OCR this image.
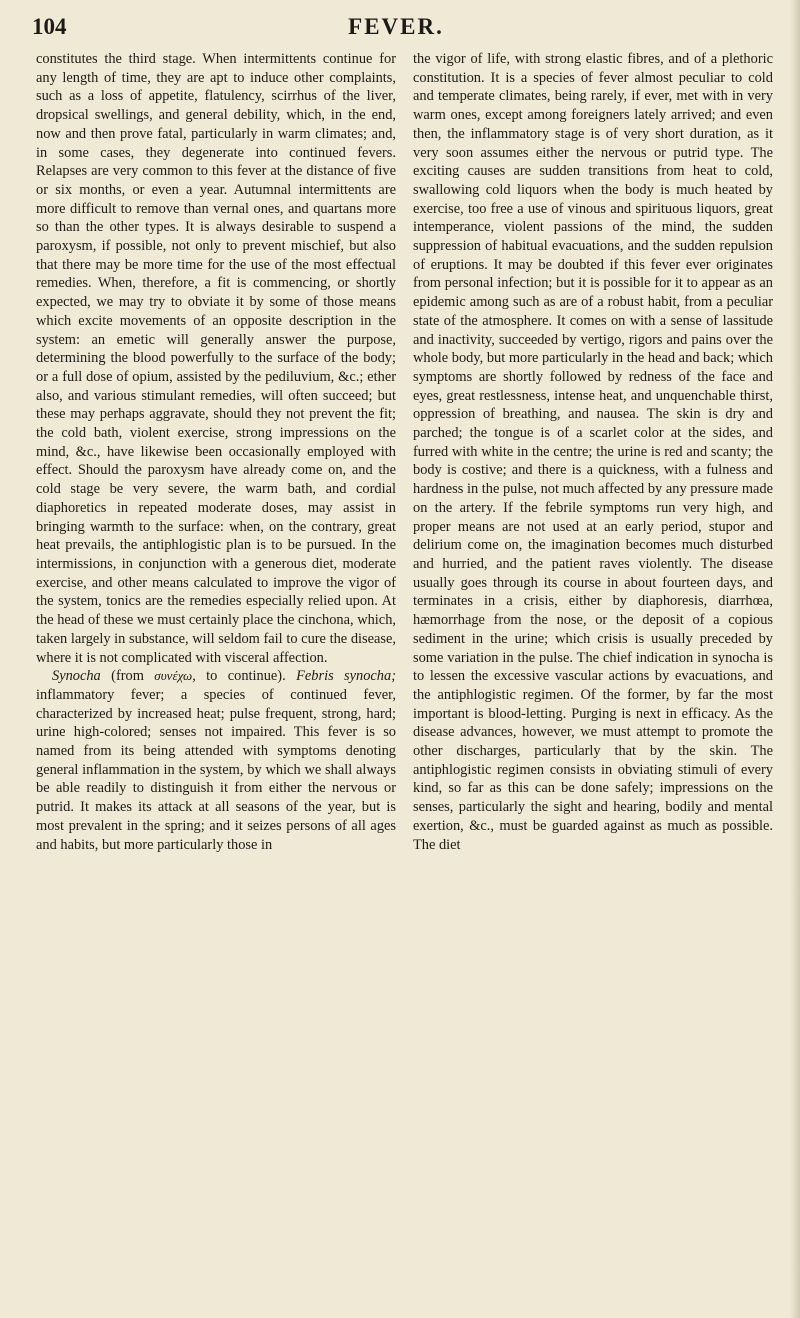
104	FEVER.

constitutes the third stage. When intermittents continue for any length of time, they are apt to induce other complaints, such as a loss of appetite, flatulency, scirrhus of the liver, dropsical swellings, and general debility, which, in the end, now and then prove fatal, particularly in warm climates; and, in some cases, they degenerate into continued fevers. Relapses are very common to this fever at the distance of five or six months, or even a year. Autumnal intermittents are more difficult to remove than vernal ones, and quartans more so than the other types. It is always desirable to suspend a paroxysm, if possible, not only to prevent mischief, but also that there may be more time for the use of the most effectual remedies. When, therefore, a fit is commencing, or shortly expected, we may try to obviate it by some of those means which excite movements of an opposite description in the system: an emetic will generally answer the purpose, determining the blood powerfully to the surface of the body; or a full dose of opium, assisted by the pediluvium, &c.; ether also, and various stimulant remedies, will often succeed; but these may perhaps aggravate, should they not prevent the fit; the cold bath, violent exercise, strong impressions on the mind, &c., have likewise been occasionally employed with effect. Should the paroxysm have already come on, and the cold stage be very severe, the warm bath, and cordial diaphoretics in repeated moderate doses, may assist in bringing warmth to the surface: when, on the contrary, great heat prevails, the antiphlogistic plan is to be pursued. In the intermissions, in conjunction with a generous diet, moderate exercise, and other means calculated to improve the vigor of the system, tonics are the remedies especially relied upon. At the head of these we must certainly place the cinchona, which, taken largely in substance, will seldom fail to cure the disease, where it is not complicated with visceral affection.

Synocha (from συνέχω, to continue). Febris synocha; inflammatory fever; a species of continued fever, characterized by increased heat; pulse frequent, strong, hard; urine high-colored; senses not impaired. This fever is so named from its being attended with symptoms denoting general inflammation in the system, by which we shall always be able readily to distinguish it from either the nervous or putrid. It makes its attack at all seasons of the year, but is most prevalent in the spring; and it seizes persons of all ages and habits, but more particularly those in

the vigor of life, with strong elastic fibres, and of a plethoric constitution. It is a species of fever almost peculiar to cold and temperate climates, being rarely, if ever, met with in very warm ones, except among foreigners lately arrived; and even then, the inflammatory stage is of very short duration, as it very soon assumes either the nervous or putrid type. The exciting causes are sudden transitions from heat to cold, swallowing cold liquors when the body is much heated by exercise, too free a use of vinous and spirituous liquors, great intemperance, violent passions of the mind, the sudden suppression of habitual evacuations, and the sudden repulsion of eruptions. It may be doubted if this fever ever originates from personal infection; but it is possible for it to appear as an epidemic among such as are of a robust habit, from a peculiar state of the atmosphere. It comes on with a sense of lassitude and inactivity, succeeded by vertigo, rigors and pains over the whole body, but more particularly in the head and back; which symptoms are shortly followed by redness of the face and eyes, great restlessness, intense heat, and unquenchable thirst, oppression of breathing, and nausea. The skin is dry and parched; the tongue is of a scarlet color at the sides, and furred with white in the centre; the urine is red and scanty; the body is costive; and there is a quickness, with a fulness and hardness in the pulse, not much affected by any pressure made on the artery. If the febrile symptoms run very high, and proper means are not used at an early period, stupor and delirium come on, the imagination becomes much disturbed and hurried, and the patient raves violently. The disease usually goes through its course in about fourteen days, and terminates in a crisis, either by diaphoresis, diarrhœa, hæmorrhage from the nose, or the deposit of a copious sediment in the urine; which crisis is usually preceded by some variation in the pulse. The chief indication in synocha is to lessen the excessive vascular actions by evacuations, and the antiphlogistic regimen. Of the former, by far the most important is blood-letting. Purging is next in efficacy. As the disease advances, however, we must attempt to promote the other discharges, particularly that by the skin. The antiphlogistic regimen consists in obviating stimuli of every kind, so far as this can be done safely; impressions on the senses, particularly the sight and hearing, bodily and mental exertion, &c., must be guarded against as much as possible. The diet
